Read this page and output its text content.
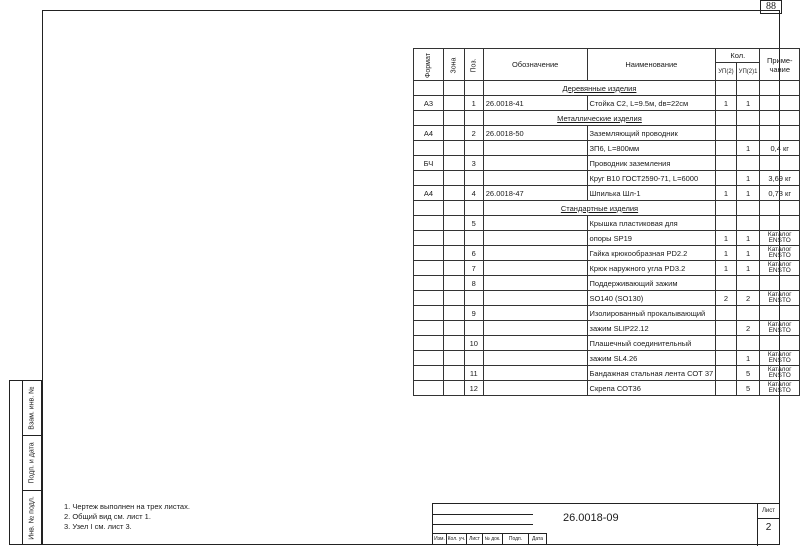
88
Взам. инв. №
Подп. и дата
Инв. № подл.
Формат	Зона	Поз.	Обозначение	Наименование	Кол.		Приме-
чание
					УП(2)	УП(2)1	
			Деревянные изделия				
А3		1	26.0018-41	Стойка С2, L=9.5м, dв=22см	1	1	
			Металлические изделия				
А4		2	26.0018-50	Заземляющий проводник			
				ЗП6, L=800мм		1	0,4 кг
БЧ		3		Проводник заземления			
				Круг В10 ГОСТ2590-71, L=6000		1	3,69 кг
А4		4	26.0018-47	Шпилька Шл-1	1	1	0,73 кг
			Стандартные изделия				
		5		Крышка пластиковая для			
				опоры SP19	1	1	Каталог ENSTO
		6		Гайка крюкообразная PD2.2	1	1	Каталог ENSTO
		7		Крюк наружного угла PD3.2	1	1	Каталог ENSTO
		8		Поддерживающий зажим			
				SO140 (SO130)	2	2	Каталог ENSTO
		9		Изолированный прокалывающий			
				зажим SLIP22.12		2	Каталог ENSTO
		10		Плашечный соединительный			
				зажим SL4.26		1	Каталог ENSTO
		11		Бандажная стальная лента СОТ 37		5	Каталог ENSTO
		12		Скрепа СОТ36		5	Каталог ENSTO
1. Чертеж выполнен на трех листах.
2. Общий вид см. лист 1.
3. Узел I см. лист 3.
Изм. Кол. уч. Лист № док.	Подп.	Дата
26.0018-09
Лист
2
